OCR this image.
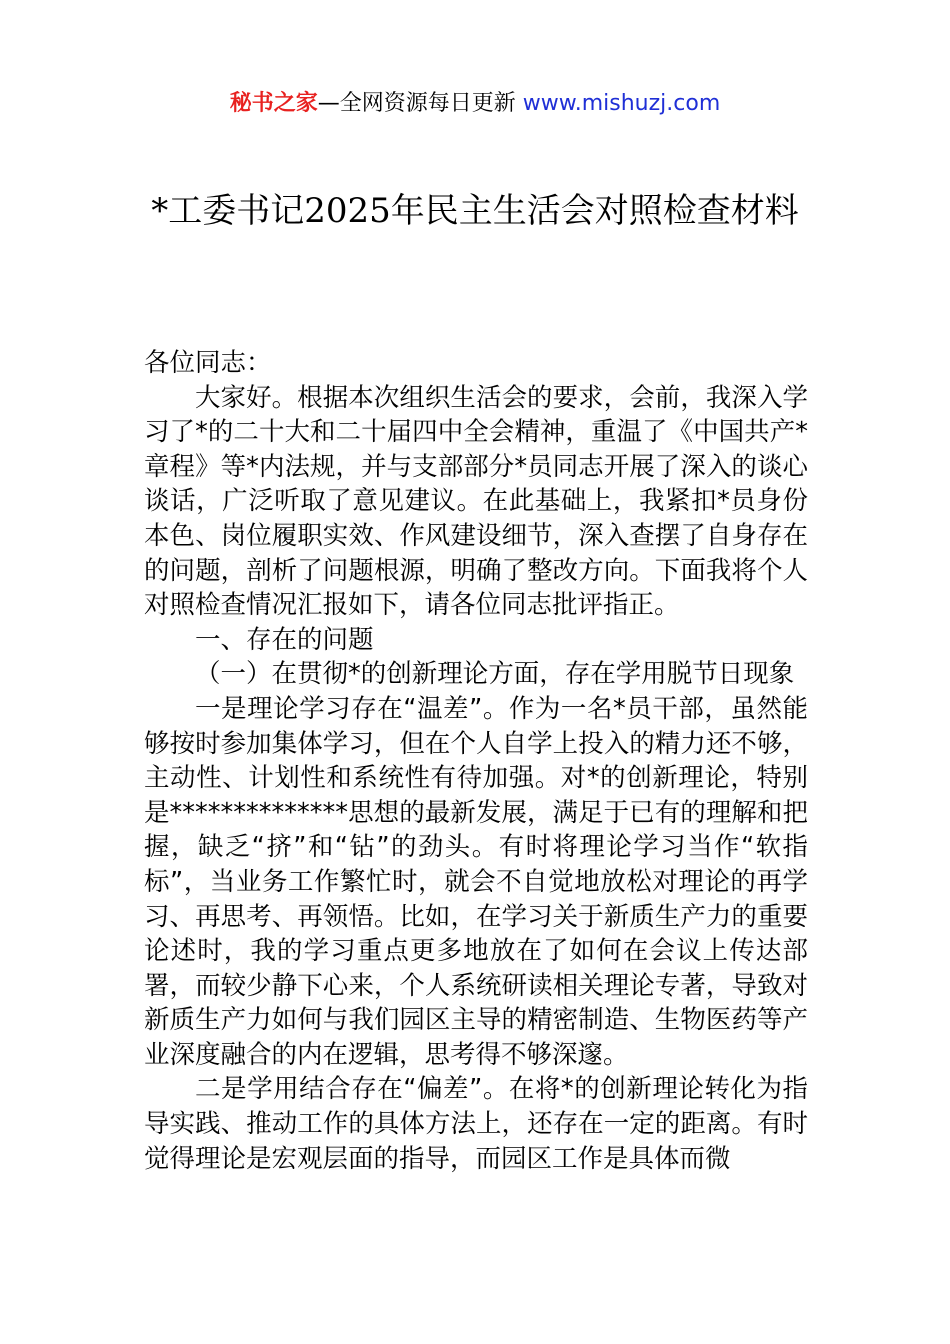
秘书之家—全网资源每日更新 www.mishuzj.com
*工委书记2025年民主生活会对照检查材料

各位同志：

大家好。根据本次组织生活会的要求，会前，我深入学习了*的二十大和二十届四中全会精神，重温了《中国共产*章程》等*内法规，并与支部部分*员同志开展了深入的谈心谈话，广泛听取了意见建议。在此基础上，我紧扣*员身份本色、岗位履职实效、作风建设细节，深入查摆了自身存在的问题，剖析了问题根源，明确了整改方向。下面我将个人对照检查情况汇报如下，请各位同志批评指正。

一、存在的问题

（一）在贯彻*的创新理论方面，存在学用脱节日现象

一是理论学习存在“温差”。作为一名*员干部，虽然能够按时参加集体学习，但在个人自学上投入的精力还不够，主动性、计划性和系统性有待加强。对*的创新理论，特别是**************思想的最新发展，满足于已有的理解和把握，缺乏“挤”和“钻”的劲头。有时将理论学习当作“软指标”，当业务工作繁忙时，就会不自觉地放松对理论的再学习、再思考、再领悟。比如，在学习关于新质生产力的重要论述时，我的学习重点更多地放在了如何在会议上传达部署，而较少静下心来，个人系统研读相关理论专著，导致对新质生产力如何与我们园区主导的精密制造、生物医药等产业深度融合的内在逻辑，思考得不够深邃。

二是学用结合存在“偏差”。在将*的创新理论转化为指导实践、推动工作的具体方法上，还存在一定的距离。有时觉得理论是宏观层面的指导，而园区工作是具体而微
